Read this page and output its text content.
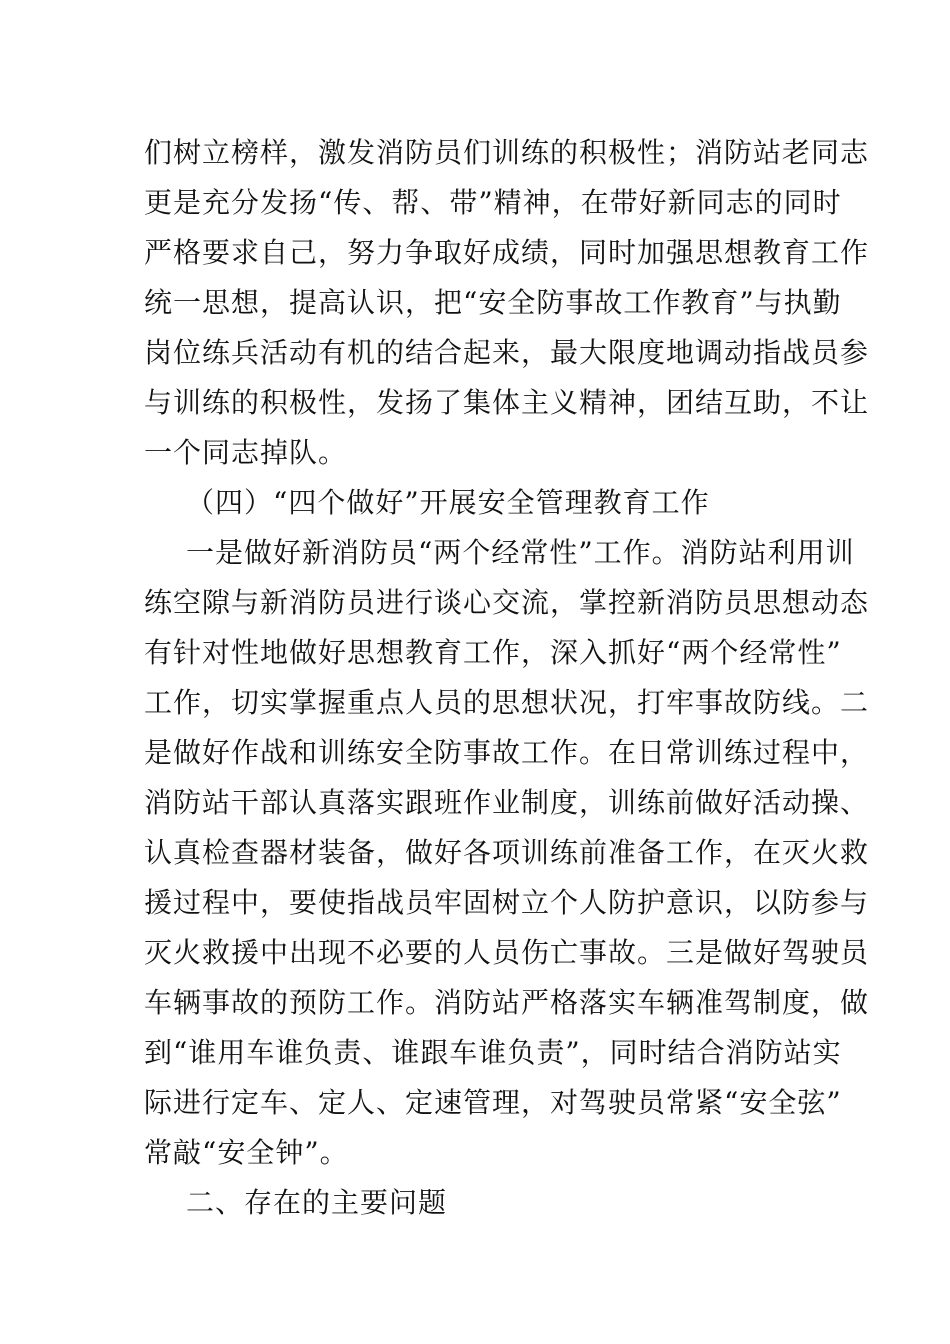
们树立榜样，激发消防员们训练的积极性；消防站老同志
更是充分发扬“传、帮、带”精神，在带好新同志的同时
严格要求自己，努力争取好成绩，同时加强思想教育工作
统一思想，提高认识，把“安全防事故工作教育”与执勤
岗位练兵活动有机的结合起来，最大限度地调动指战员参
与训练的积极性，发扬了集体主义精神，团结互助，不让
一个同志掉队。
（四）“四个做好”开展安全管理教育工作
一是做好新消防员“两个经常性”工作。消防站利用训
练空隙与新消防员进行谈心交流，掌控新消防员思想动态
有针对性地做好思想教育工作，深入抓好“两个经常性”
工作，切实掌握重点人员的思想状况，打牢事故防线。二
是做好作战和训练安全防事故工作。在日常训练过程中，
消防站干部认真落实跟班作业制度，训练前做好活动操、
认真检查器材装备，做好各项训练前准备工作，在灭火救
援过程中，要使指战员牢固树立个人防护意识，以防参与
灭火救援中出现不必要的人员伤亡事故。三是做好驾驶员
车辆事故的预防工作。消防站严格落实车辆准驾制度，做
到“谁用车谁负责、谁跟车谁负责”，同时结合消防站实
际进行定车、定人、定速管理，对驾驶员常紧“安全弦”
常敲“安全钟”。
二、存在的主要问题
